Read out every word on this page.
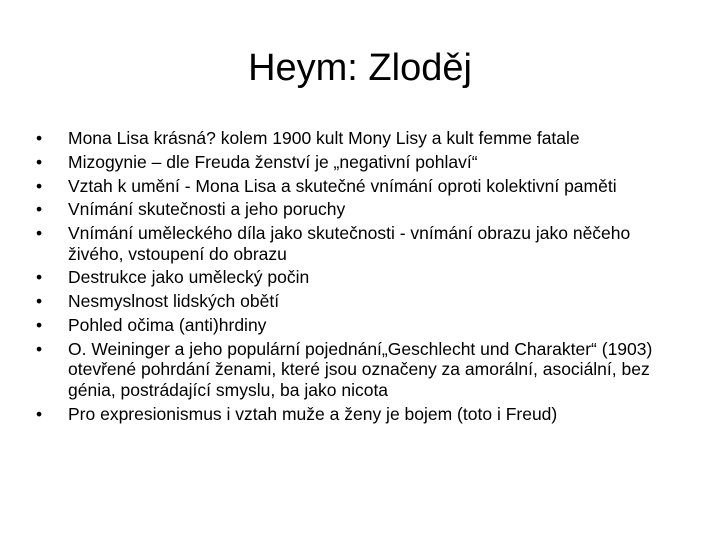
Heym: Zloděj
•	Mona Lisa krásná? kolem 1900 kult Mony Lisy a kult femme fatale
•	Mizogynie – dle Freuda ženství je „negativní pohlaví“
•	Vztah k umění - Mona Lisa a skutečné vnímání oproti kolektivní paměti
•	Vnímání skutečnosti a jeho poruchy
•	Vnímání uměleckého díla jako skutečnosti - vnímání obrazu jako něčeho živého, vstoupení do obrazu
•	Destrukce jako umělecký počin
•	Nesmyslnost lidských obětí
•	Pohled očima (anti)hrdiny
•	O. Weininger a jeho populární pojednání„Geschlecht und Charakter“ (1903) otevřené pohrdání ženami, které jsou označeny za amorální, asociální, bez génia, postrádající smyslu, ba jako nicota
•	Pro expresionismus i vztah muže a ženy je bojem (toto i Freud)
